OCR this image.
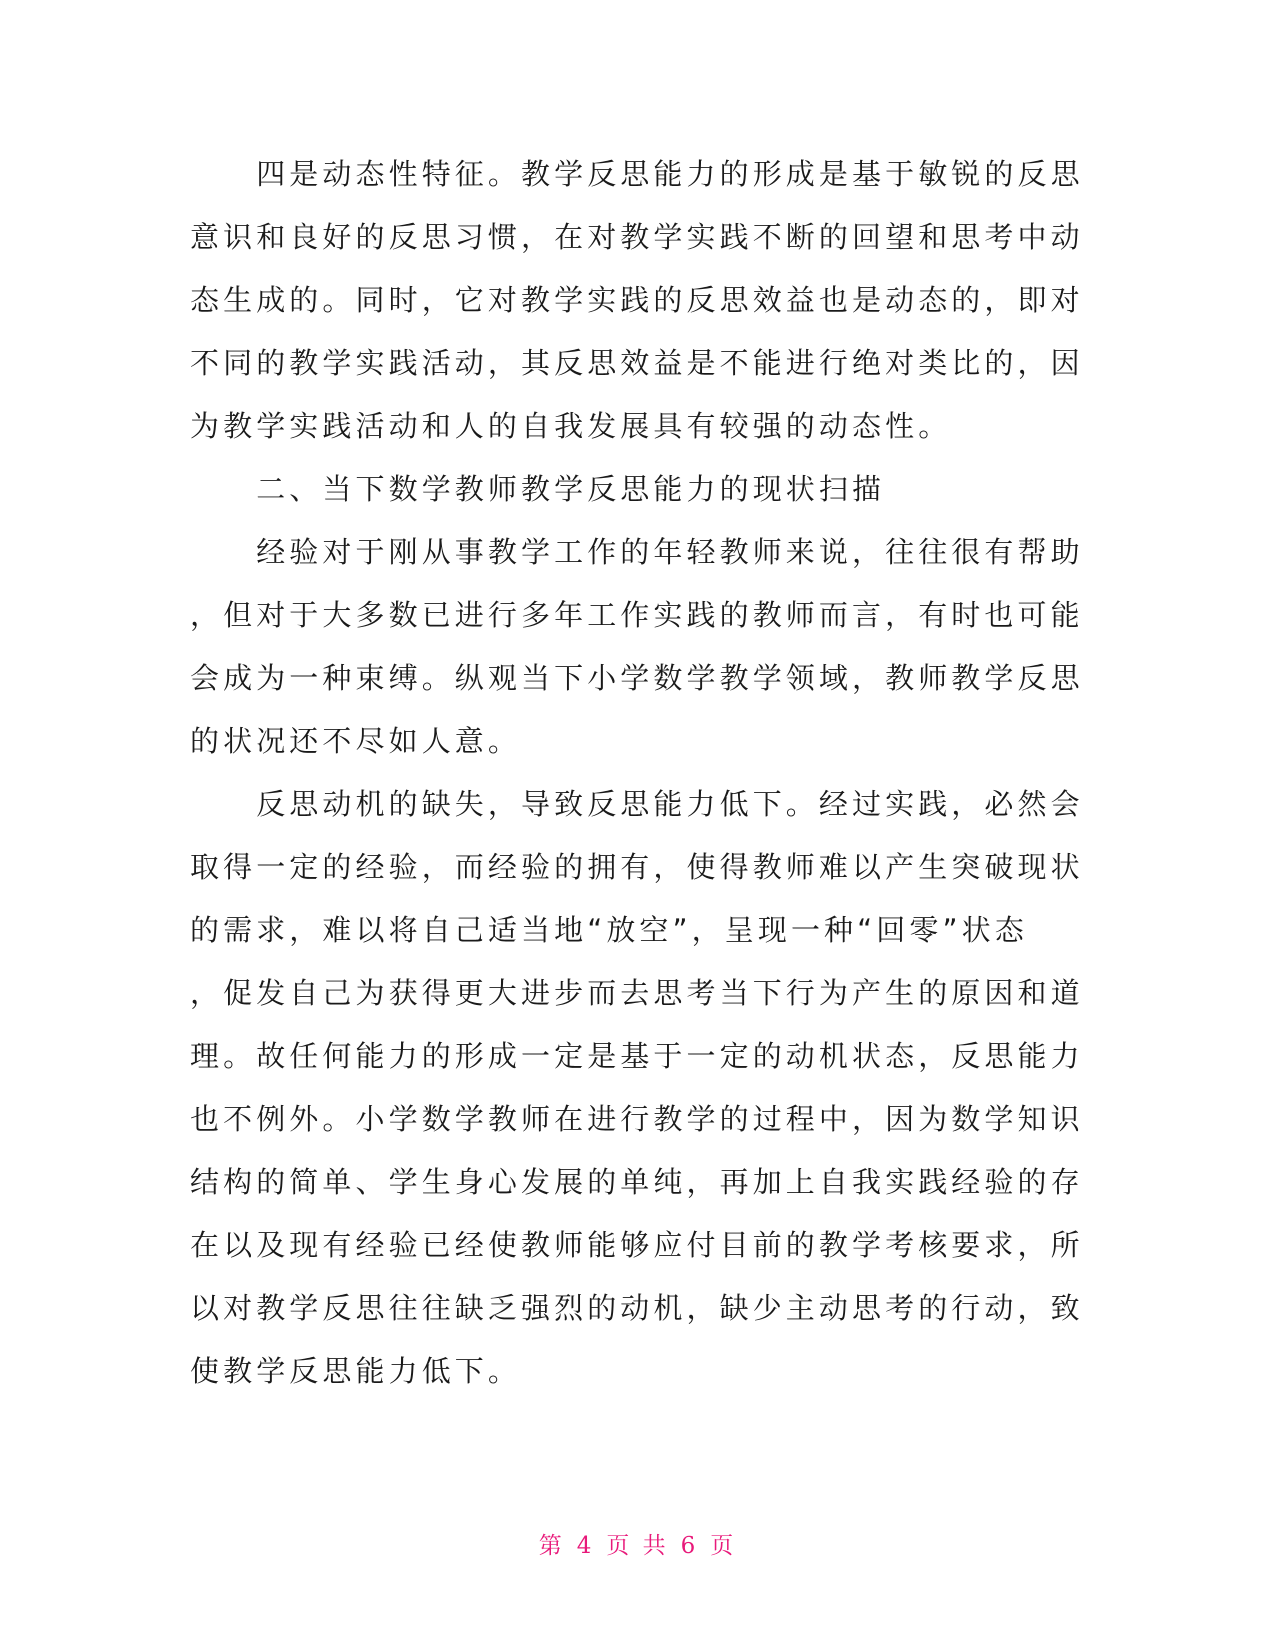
　　四是动态性特征。教学反思能力的形成是基于敏锐的反思
意识和良好的反思习惯，在对教学实践不断的回望和思考中动
态生成的。同时，它对教学实践的反思效益也是动态的，即对
不同的教学实践活动，其反思效益是不能进行绝对类比的，因
为教学实践活动和人的自我发展具有较强的动态性。
　　二、当下数学教师教学反思能力的现状扫描
　　经验对于刚从事教学工作的年轻教师来说，往往很有帮助
，但对于大多数已进行多年工作实践的教师而言，有时也可能
会成为一种束缚。纵观当下小学数学教学领域，教师教学反思
的状况还不尽如人意。
　　反思动机的缺失，导致反思能力低下。经过实践，必然会
取得一定的经验，而经验的拥有，使得教师难以产生突破现状
的需求，难以将自己适当地“放空”，呈现一种“回零”状态
，促发自己为获得更大进步而去思考当下行为产生的原因和道
理。故任何能力的形成一定是基于一定的动机状态，反思能力
也不例外。小学数学教师在进行教学的过程中，因为数学知识
结构的简单、学生身心发展的单纯，再加上自我实践经验的存
在以及现有经验已经使教师能够应付目前的教学考核要求，所
以对教学反思往往缺乏强烈的动机，缺少主动思考的行动，致
使教学反思能力低下。
第 4 页 共 6 页
